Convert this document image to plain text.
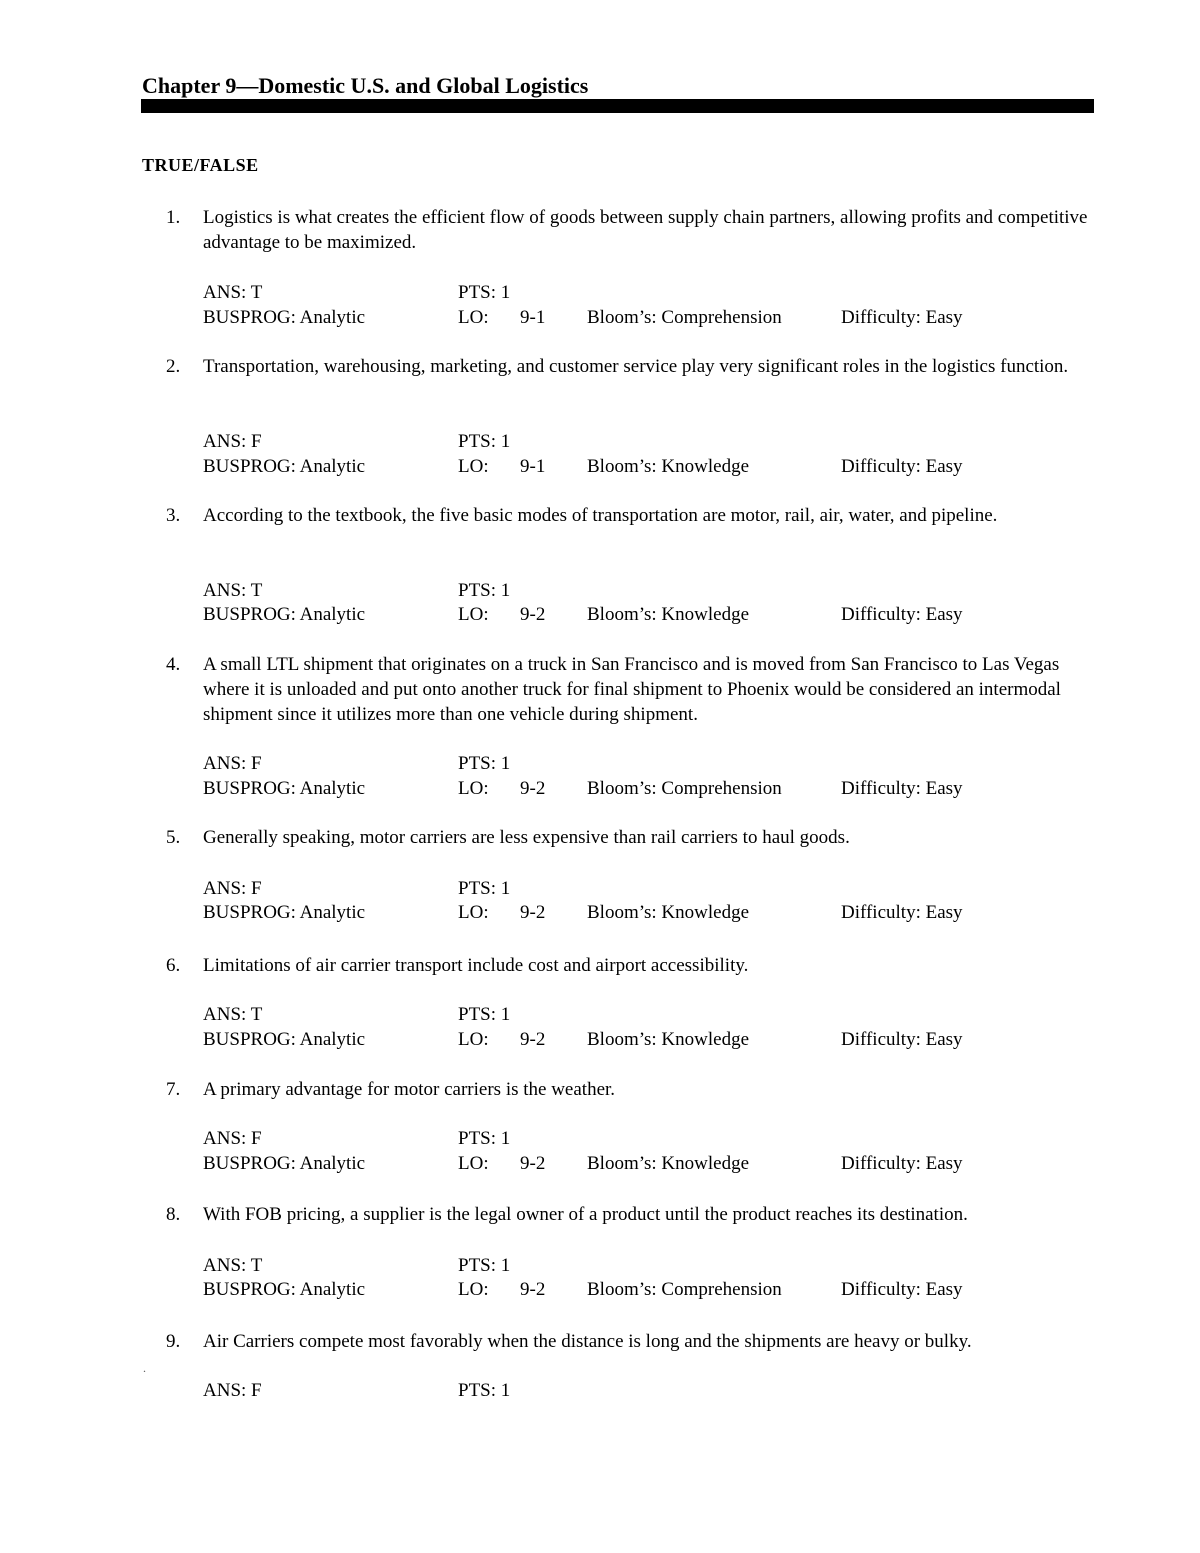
Chapter 9—Domestic U.S. and Global Logistics
TRUE/FALSE
1.	Logistics is what creates the efficient flow of goods between supply chain partners, allowing profits and competitive advantage to be maximized.
ANS: T	PTS: 1
BUSPROG: Analytic	LO: 9-1 Bloom’s: Comprehension	Difficulty: Easy
2.	Transportation, warehousing, marketing, and customer service play very significant roles in the logistics function.
ANS: F	PTS: 1
BUSPROG: Analytic	LO: 9-1 Bloom’s: Knowledge	Difficulty: Easy
3.	According to the textbook, the five basic modes of transportation are motor, rail, air, water, and pipeline.
ANS: T	PTS: 1
BUSPROG: Analytic	LO: 9-2 Bloom’s: Knowledge	Difficulty: Easy
4.	A small LTL shipment that originates on a truck in San Francisco and is moved from San Francisco to Las Vegas where it is unloaded and put onto another truck for final shipment to Phoenix would be considered an intermodal shipment since it utilizes more than one vehicle during shipment.
ANS: F	PTS: 1
BUSPROG: Analytic	LO: 9-2 Bloom’s: Comprehension	Difficulty: Easy
5.	Generally speaking, motor carriers are less expensive than rail carriers to haul goods.
ANS: F	PTS: 1
BUSPROG: Analytic	LO: 9-2 Bloom’s: Knowledge	Difficulty: Easy
6.	Limitations of air carrier transport include cost and airport accessibility.
ANS: T	PTS: 1
BUSPROG: Analytic	LO: 9-2 Bloom’s: Knowledge	Difficulty: Easy
7.	A primary advantage for motor carriers is the weather.
ANS: F	PTS: 1
BUSPROG: Analytic	LO: 9-2 Bloom’s: Knowledge	Difficulty: Easy
8.	With FOB pricing, a supplier is the legal owner of a product until the product reaches its destination.
ANS: T	PTS: 1
BUSPROG: Analytic	LO: 9-2 Bloom’s: Comprehension	Difficulty: Easy
9.	Air Carriers compete most favorably when the distance is long and the shipments are heavy or bulky.
.
ANS: F	PTS: 1
